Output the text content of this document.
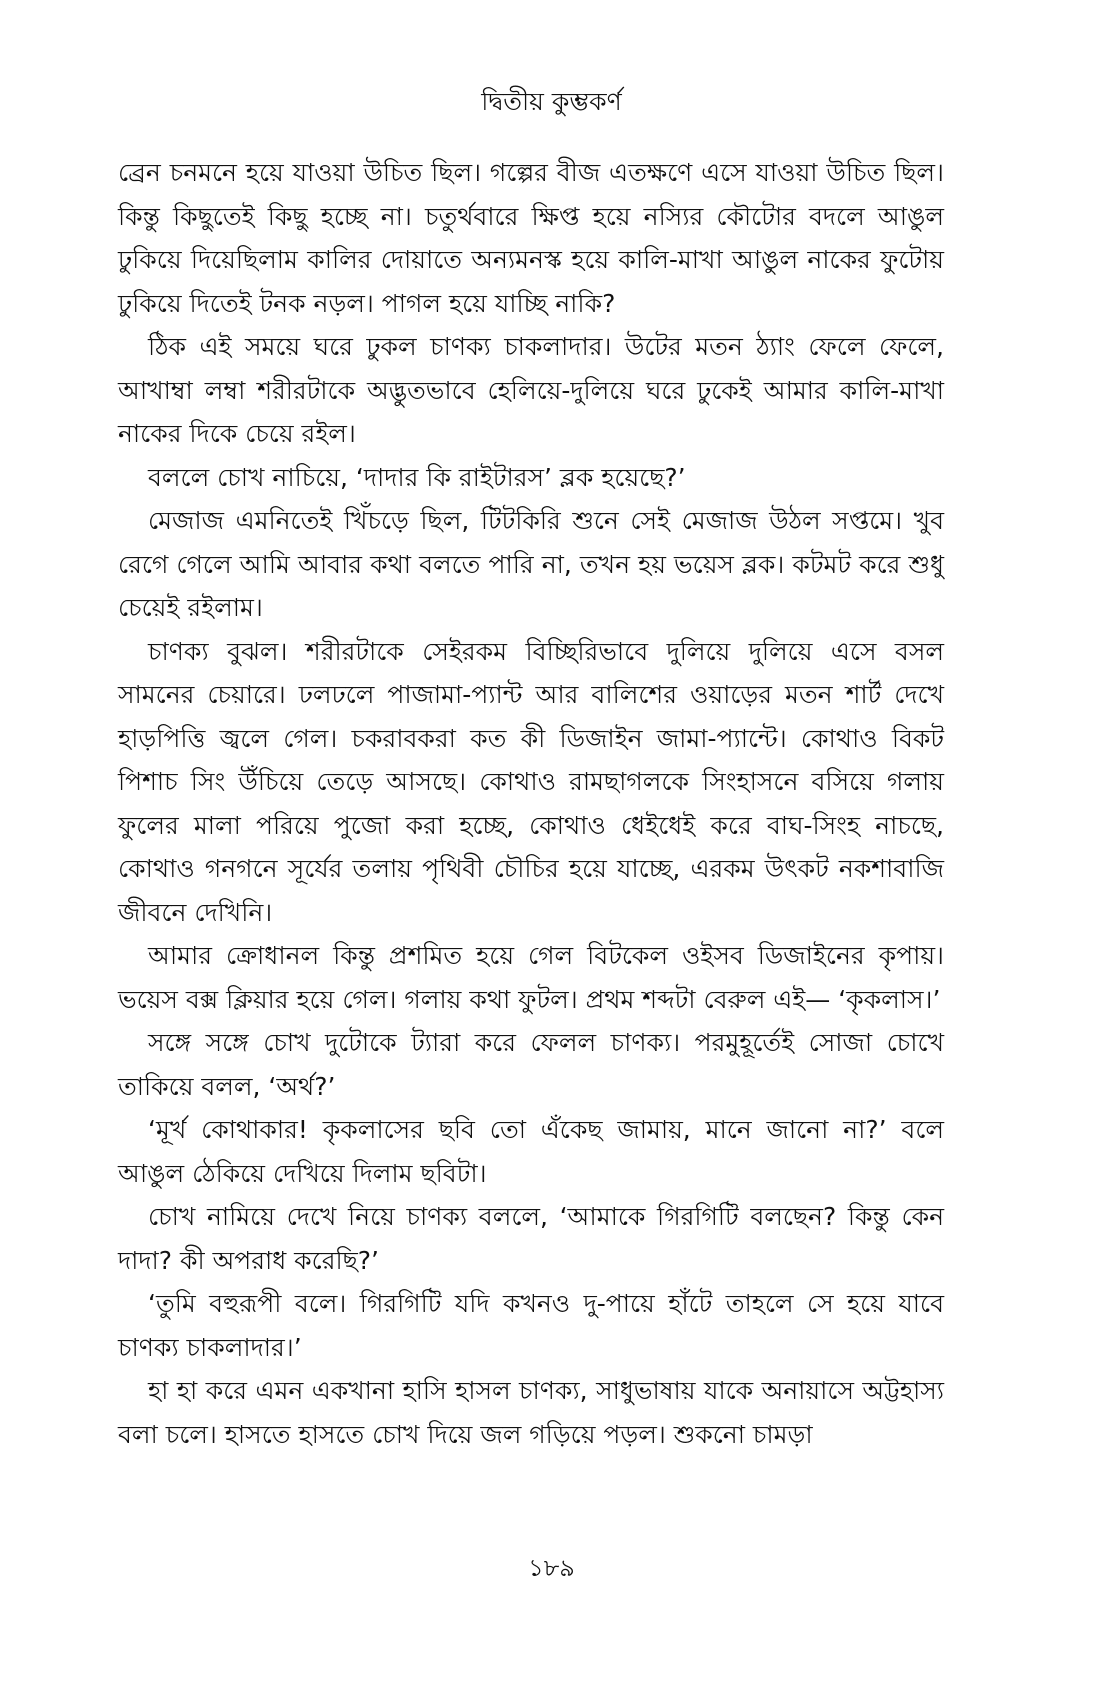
দ্বিতীয় কুম্ভকর্ণ

ব্রেন চনমনে হয়ে যাওয়া উচিত ছিল। গল্পের বীজ এতক্ষণে এসে যাওয়া উচিত ছিল। কিন্তু কিছুতেই কিছু হচ্ছে না। চতুর্থবারে ক্ষিপ্ত হয়ে নস্যির কৌটোর বদলে আঙুল ঢুকিয়ে দিয়েছিলাম কালির দোয়াতে অন্যমনস্ক হয়ে কালি-মাখা আঙুল নাকের ফুটোয় ঢুকিয়ে দিতেই টনক নড়ল। পাগল হয়ে যাচ্ছি নাকি?

ঠিক এই সময়ে ঘরে ঢুকল চাণক্য চাকলাদার। উটের মতন ঠ্যাং ফেলে ফেলে, আখাম্বা লম্বা শরীরটাকে অদ্ভুতভাবে হেলিয়ে-দুলিয়ে ঘরে ঢুকেই আমার কালি-মাখা নাকের দিকে চেয়ে রইল।

বললে চোখ নাচিয়ে, ‘দাদার কি রাইটারস’ ব্লক হয়েছে?’

মেজাজ এমনিতেই খিঁচড়ে ছিল, টিটকিরি শুনে সেই মেজাজ উঠল সপ্তমে। খুব রেগে গেলে আমি আবার কথা বলতে পারি না, তখন হয় ভয়েস ব্লক। কটমট করে শুধু চেয়েই রইলাম।

চাণক্য বুঝল। শরীরটাকে সেইরকম বিচ্ছিরিভাবে দুলিয়ে দুলিয়ে এসে বসল সামনের চেয়ারে। ঢলঢলে পাজামা-প্যান্ট আর বালিশের ওয়াড়ের মতন শার্ট দেখে হাড়পিত্তি জ্বলে গেল। চকরাবকরা কত কী ডিজাইন জামা-প্যান্টে। কোথাও বিকট পিশাচ সিং উঁচিয়ে তেড়ে আসছে। কোথাও রামছাগলকে সিংহাসনে বসিয়ে গলায় ফুলের মালা পরিয়ে পুজো করা হচ্ছে, কোথাও ধেইধেই করে বাঘ-সিংহ নাচছে, কোথাও গনগনে সূর্যের তলায় পৃথিবী চৌচির হয়ে যাচ্ছে, এরকম উৎকট নকশাবাজি জীবনে দেখিনি।

আমার ক্রোধানল কিন্তু প্রশমিত হয়ে গেল বিটকেল ওইসব ডিজাইনের কৃপায়। ভয়েস বক্স ক্লিয়ার হয়ে গেল। গলায় কথা ফুটল। প্রথম শব্দটা বেরুল এই— ‘কৃকলাস।’

সঙ্গে সঙ্গে চোখ দুটোকে ট্যারা করে ফেলল চাণক্য। পরমুহূর্তেই সোজা চোখে তাকিয়ে বলল, ‘অর্থ?’

‘মূর্খ কোথাকার! কৃকলাসের ছবি তো এঁকেছ জামায়, মানে জানো না?’ বলে আঙুল ঠেকিয়ে দেখিয়ে দিলাম ছবিটা।

চোখ নামিয়ে দেখে নিয়ে চাণক্য বললে, ‘আমাকে গিরগিটি বলছেন? কিন্তু কেন দাদা? কী অপরাধ করেছি?’

‘তুমি বহুরূপী বলে। গিরগিটি যদি কখনও দু-পায়ে হাঁটে তাহলে সে হয়ে যাবে চাণক্য চাকলাদার।’

হা হা করে এমন একখানা হাসি হাসল চাণক্য, সাধুভাষায় যাকে অনায়াসে অট্টহাস্য বলা চলে। হাসতে হাসতে চোখ দিয়ে জল গড়িয়ে পড়ল। শুকনো চামড়া

১৮৯
